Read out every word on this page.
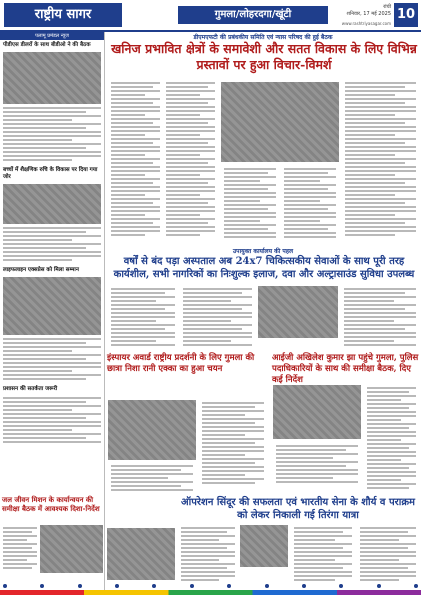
राष्ट्रीय सागर	गुमला/लोहरदगा/खूंटी
रांची
शनिवार, 17 मई 2025
www.rashtriyasagar.com
10
पलामू प्रमंडल न्यूज
पीडीएस डीलरों के साथ बीडीओ ने की बैठक
बच्चों में शैक्षणिक रुचि के विकास पर दिया गया जोर
लाइफलाइन एक्सप्रेस को मिला सम्मान
प्रशासन की सतर्कता जरूरी
जल जीवन मिशन के कार्यान्वयन की समीक्षा बैठक में आवश्यक दिशा-निर्देश
डीएमएफटी की प्रबंधकीय समिति एवं न्यास परिषद की हुई बैठक
खनिज प्रभावित क्षेत्रों के समावेशी और सतत विकास के लिए विभिन्न प्रस्तावों पर हुआ विचार-विमर्श
उपायुक्त कार्यालय की पहल
वर्षों से बंद पड़ा अस्पताल अब 24x7 चिकित्सकीय सेवाओं के साथ पूरी तरह कार्यशील, सभी नागरिकों का निःशुल्क इलाज, दवा और अल्ट्रासाउंड सुविधा उपलब्ध
इंस्पायर अवार्ड राष्ट्रीय प्रदर्शनी के लिए गुमला की छात्रा निशा रानी एक्का का हुआ चयन
आईजी अखिलेश कुमार झा पहुंचे गुमला, पुलिस पदाधिकारियों के साथ की समीक्षा बैठक, दिए कई निर्देश
ऑपरेशन सिंदूर की सफलता एवं भारतीय सेना के शौर्य व पराक्रम को लेकर निकाली गई तिरंगा यात्रा
